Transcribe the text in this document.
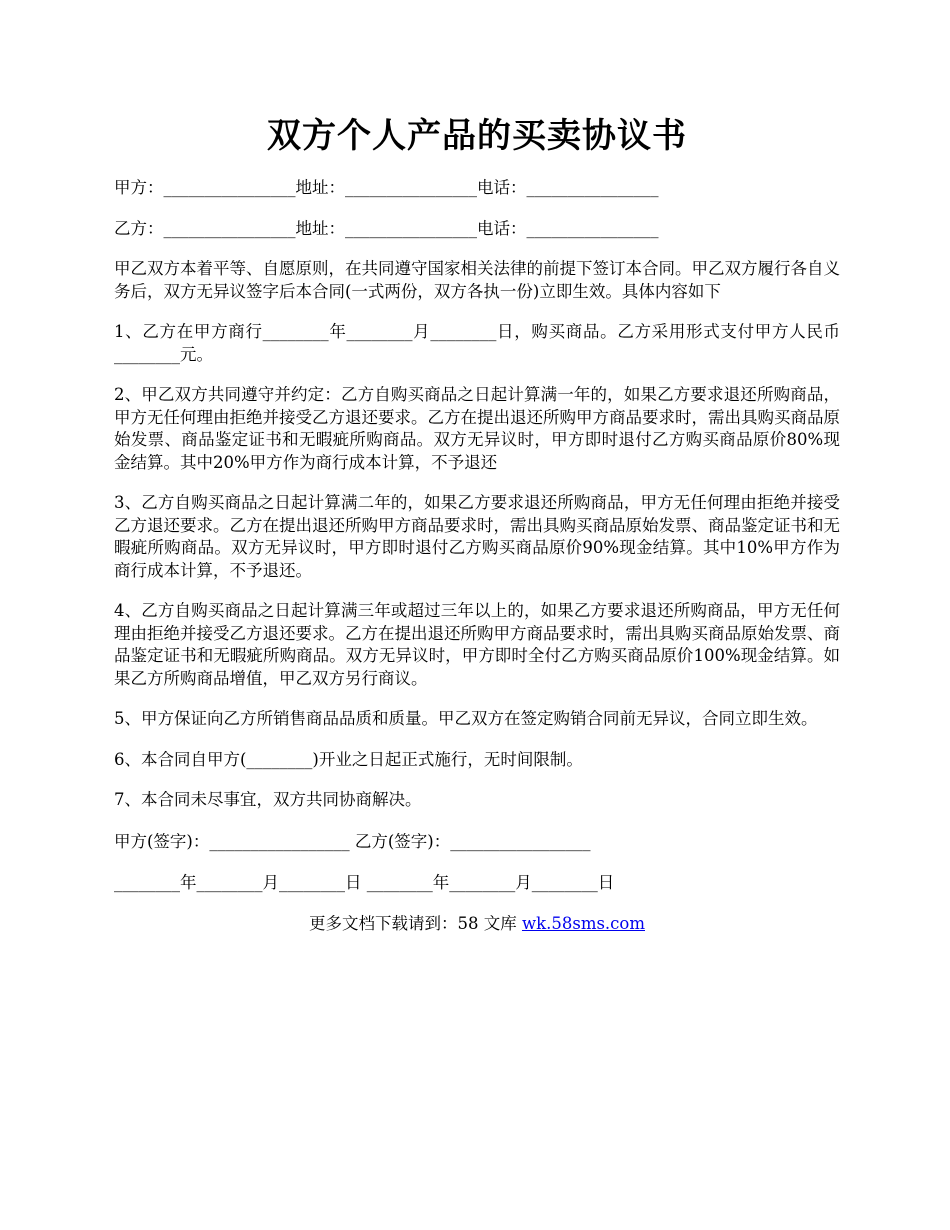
双方个人产品的买卖协议书
甲方：________________地址：________________电话：________________
乙方：________________地址：________________电话：________________

甲乙双方本着平等、自愿原则，在共同遵守国家相关法律的前提下签订本合同。甲乙双方履行各自义务后，双方无异议签字后本合同(一式两份，双方各执一份)立即生效。具体内容如下

1、乙方在甲方商行________年________月________日，购买商品。乙方采用形式支付甲方人民币________元。

2、甲乙双方共同遵守并约定：乙方自购买商品之日起计算满一年的，如果乙方要求退还所购商品，甲方无任何理由拒绝并接受乙方退还要求。乙方在提出退还所购甲方商品要求时，需出具购买商品原始发票、商品鉴定证书和无暇疵所购商品。双方无异议时，甲方即时退付乙方购买商品原价80%现金结算。其中20%甲方作为商行成本计算，不予退还

3、乙方自购买商品之日起计算满二年的，如果乙方要求退还所购商品，甲方无任何理由拒绝并接受乙方退还要求。乙方在提出退还所购甲方商品要求时，需出具购买商品原始发票、商品鉴定证书和无暇疵所购商品。双方无异议时，甲方即时退付乙方购买商品原价90%现金结算。其中10%甲方作为商行成本计算，不予退还。

4、乙方自购买商品之日起计算满三年或超过三年以上的，如果乙方要求退还所购商品，甲方无任何理由拒绝并接受乙方退还要求。乙方在提出退还所购甲方商品要求时，需出具购买商品原始发票、商品鉴定证书和无暇疵所购商品。双方无异议时，甲方即时全付乙方购买商品原价100%现金结算。如果乙方所购商品增值，甲乙双方另行商议。

5、甲方保证向乙方所销售商品品质和质量。甲乙双方在签定购销合同前无异议，合同立即生效。

6、本合同自甲方(________)开业之日起正式施行，无时间限制。

7、本合同未尽事宜，双方共同协商解决。

甲方(签字)：_________________ 乙方(签字)：_________________
________年________月________日 ________年________月________日
更多文档下载请到：58 文库 wk.58sms.com
